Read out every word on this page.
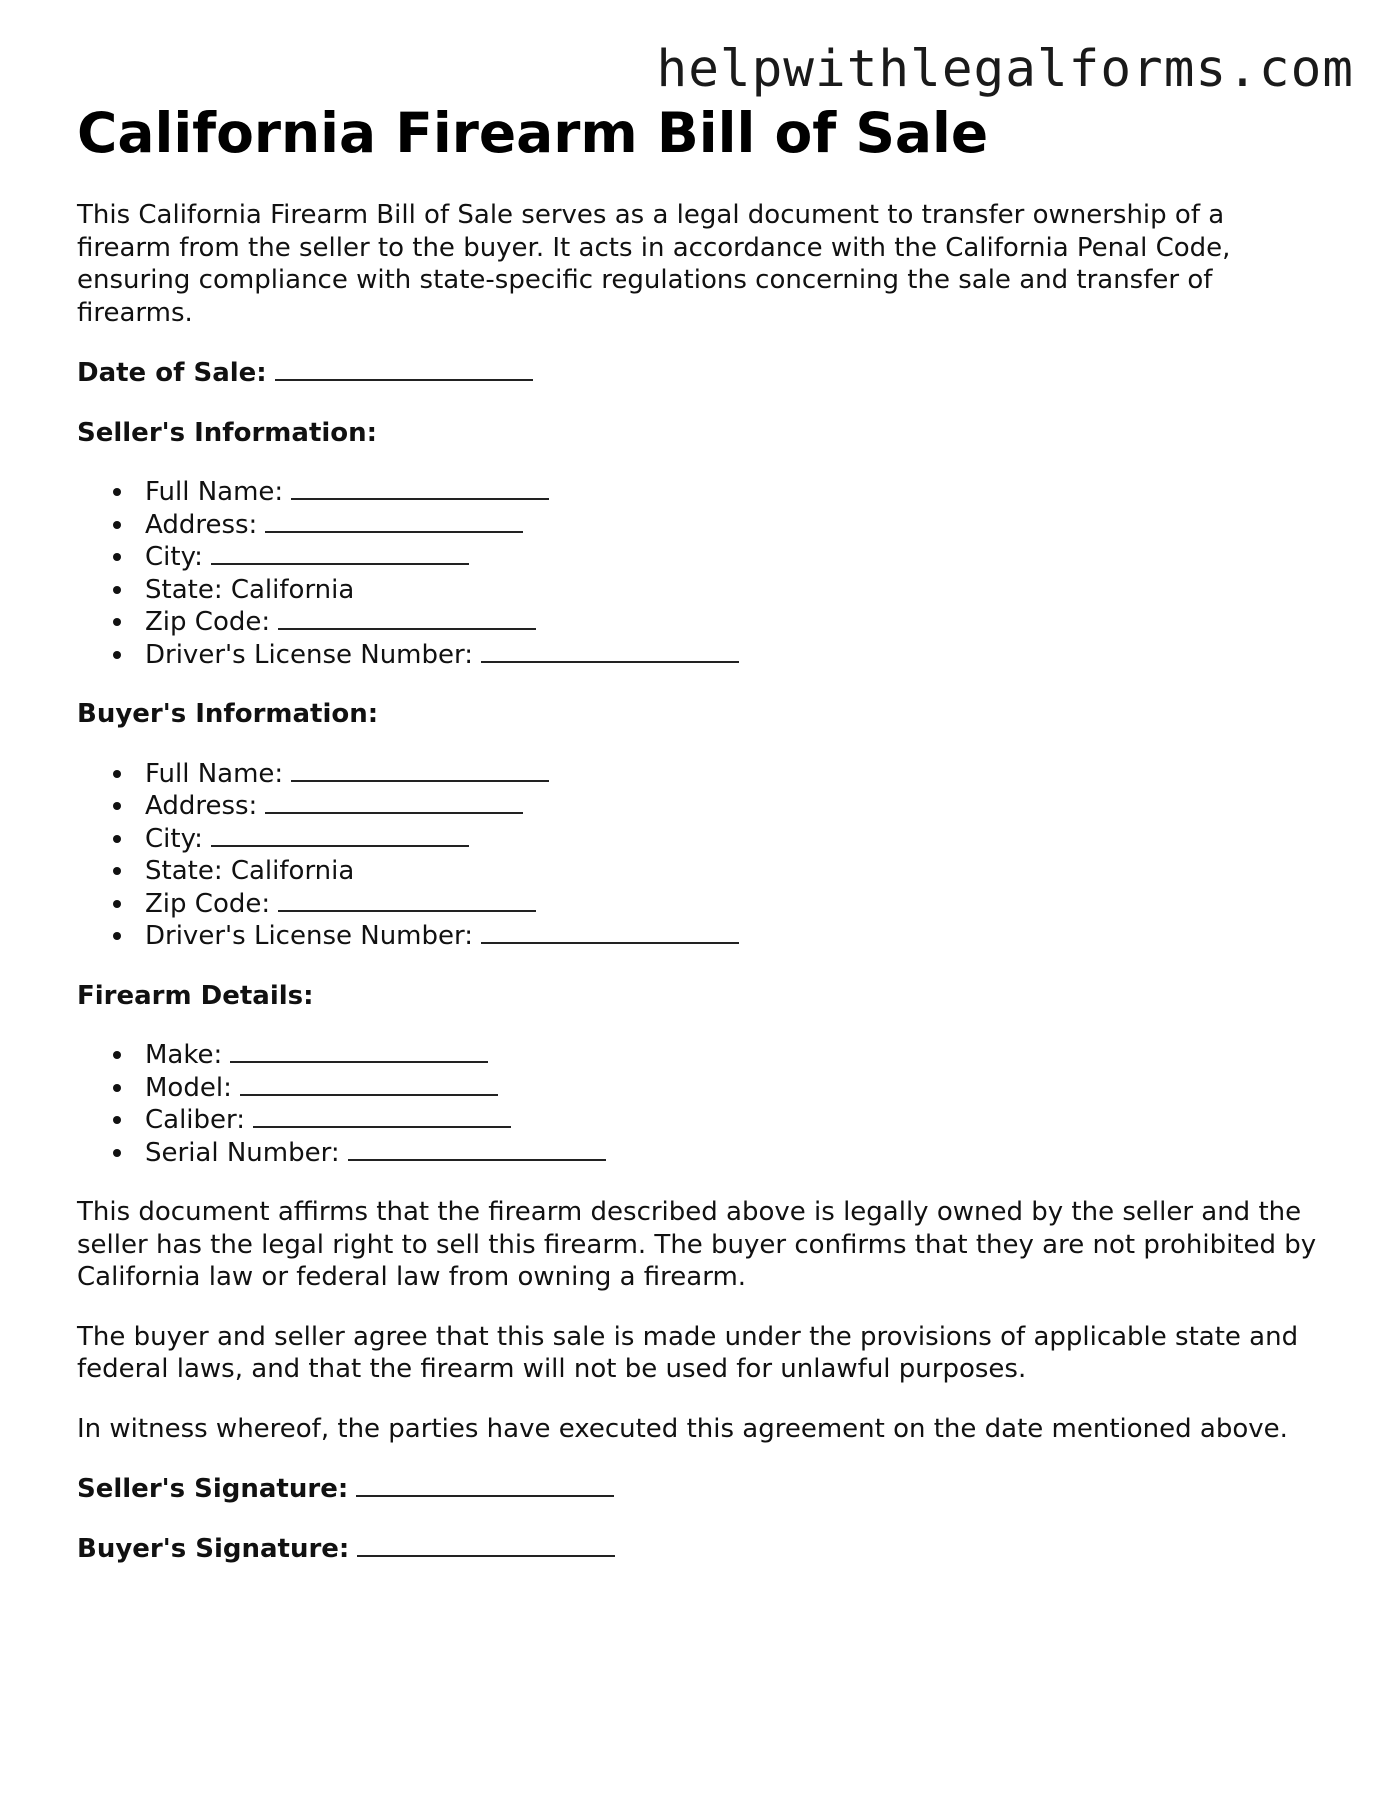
helpwithlegalforms.com
California Firearm Bill of Sale

This California Firearm Bill of Sale serves as a legal document to transfer ownership of a firearm from the seller to the buyer. It acts in accordance with the California Penal Code, ensuring compliance with state-specific regulations concerning the sale and transfer of firearms.

Date of Sale:

Seller's Information:

Full Name:
Address:
City:
State: California
Zip Code:
Driver's License Number:

Buyer's Information:

Full Name:
Address:
City:
State: California
Zip Code:
Driver's License Number:

Firearm Details:

Make:
Model:
Caliber:
Serial Number:

This document affirms that the firearm described above is legally owned by the seller and the seller has the legal right to sell this firearm. The buyer confirms that they are not prohibited by California law or federal law from owning a firearm.

The buyer and seller agree that this sale is made under the provisions of applicable state and federal laws, and that the firearm will not be used for unlawful purposes.

In witness whereof, the parties have executed this agreement on the date mentioned above.

Seller's Signature:

Buyer's Signature:
